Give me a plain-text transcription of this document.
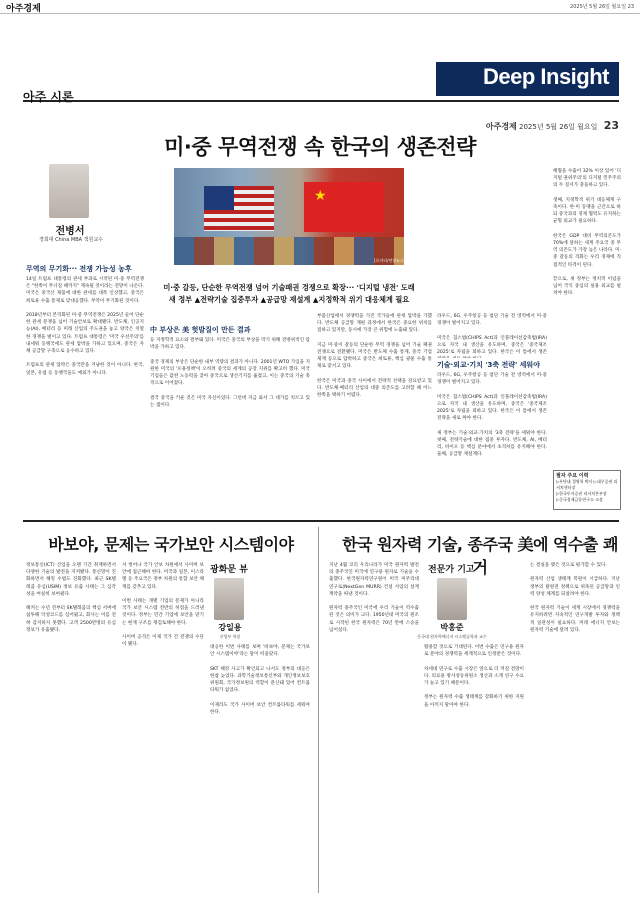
아주경제	2025년 5월 26일 월요일 23
Deep Insight
아주 시론
아주경제 2025년 5월 26일 월요일 23
미·중 무역전쟁 속 한국의 생존전략
전병서
경희대 China MBA 객원교수
★
[로이터/연합뉴스]
미·중 갈등, 단순한 무역전쟁 넘어 기술패권 경쟁으로 확장··· '디지털 냉전' 도래
새 정부 ▲전략기술 집중투자 ▲공급망 재설계 ▲지정학적 위기 대응체계 필요
무역의 무기화··· 전쟁 가능성 농후
14일 트럼프 대통령의 관세 부과로 시작된 미·중 무역전쟁은 "한쪽이 무너질 때까지" 계속될 것이라는 전망이 나온다. 미국은 중국산 제품에 대한 관세를 대폭 인상했고, 중국은 희토류 수출 통제로 맞대응했다. 무역이 무기화된 것이다.

2018년부터 본격화된 미·중 무역전쟁은 2025년 들어 단순한 관세 분쟁을 넘어 기술안보로 확대됐다. 반도체, 인공지능(AI), 배터리 등 미래 산업의 주도권을 놓고 양국은 치열한 경쟁을 벌이고 있다. 트럼프 대통령은 '미국 우선주의'를 내세워 동맹국에도 관세 압박을 가하고 있으며, 중국은 자체 공급망 구축으로 응수하고 있다.

트럼프의 관세 압박은 중국만을 겨냥한 것이 아니다. 한국, 일본, 유럽 등 동맹국들도 예외가 아니다.
中 부상은 美 헛발질이 만든 결과
등 지정학적 요소와 결부돼 있다. 미국은 중국의 부상을 막기 위해 전방위적인 압박을 가하고 있다.

중국 경제의 부상은 단순한 내부 역량의 결과가 아니다. 2001년 WTO 가입을 지원한 미국의 '포용정책'이 오히려 중국의 세계의 공장 지위를 확고히 했다. 미국 기업들은 값싼 노동력을 찾아 중국으로 생산기지를 옮겼고, 이는 중국의 기술 축적으로 이어졌다.

결국 중국을 키운 것은 미국 자신이었다. 그런데 지금 와서 그 대가를 치르고 있는 셈이다.
부품산업에서 경쟁력을 가진 국가들에 관세 압박을 가했다. 반도체 공급망 재편 과정에서 한국은 중요한 위치를 점하고 있지만, 동시에 가장 큰 위험에 노출돼 있다.

지금 미·중이 갈등의 단순한 무역 경쟁을 넘어 기술 패권 전쟁으로 전환됐다. 미국은 반도체 수출 통제, 중국 기업 제재 등으로 압박하고 중국은 희토류, 핵심 광물 수출 통제로 맞서고 있다.

한국은 미국과 중국 사이에서 전략적 선택을 강요받고 있다. 반도체·배터리 산업의 대중 의존도를 고려할 때 어느 한쪽을 택하기 어렵다.
기술·외교·기치 '3축 전략' 세워야
라우드, 6G, 우주항공 등 첨단 기술 전 영역에서 미·중 경쟁이 벌어지고 있다.

미국은 칩스법(CHIPS Act)과 인플레이션감축법(IRA)으로 자국 내 생산을 유도하며, 중국은 '중국제조 2025'로 자립을 꾀하고 있다. 한국은 이 틈에서 생존

라우드, 6G, 우주항공 등 첨단 기술 전 영역에서 미·중 경쟁이 벌어지고 있다.

미국은 칩스법(CHIPS Act)과 인플레이션감축법(IRA)으로 자국 내 생산을 유도하며, 중국은 '중국제조 2025'로 자립을 꾀하고 있다. 한국은 이 틈에서 생존 전략을 새로 짜야 한다.

새 정부는 기술·외교·가치의 '3축 전략'을 세워야 한다. 첫째, 전략기술에 대한 집중 투자다. 반도체, AI, 배터리, 바이오 등 핵심 분야에서 초격차를 유지해야 한다. 둘째, 공급망 재설계다.
해협을 수출이 32% 이상 있어 '디지털 권위주의'의 디지털 민주주의의 두 질서가 충돌하고 있다.

셋째, 지정학적 위기 대응체계 구축이다. 한·미 동맹을 근간으로 하되 중국과의 경제 협력도 유지하는 균형 외교가 필요하다.

한국은 GDP 대비 무역의존도가 70%에 달하는 세계 주요국 중 무역 의존도가 가장 높은 나라다. 미·중 갈등의 격화는 우리 경제에 직접적인 타격이 된다.

끝으로, 새 정부는 정치적 이념을 넘어 국익 중심의 실용 외교를 펼쳐야 한다.
필자 주요 이력
▷푸단대 경영학 박사 ▷대우증권 리서치센터장
▷한국투자증권 리서치본부장
▷중국경제금융연구소 소장
바보야, 문제는 국가보안 시스템이야
광화문 뷰
강일용
산업부 차장
정보통신(ICT) 산업을 오랜 기간 취재하면서 다양한 기술의 발전을 지켜봤다. 통신망이 진화하면서 해킹 수법도 진화했다. 최근 SK텔레콤 유심(USIM) 정보 유출 사태는 그 심각성을 여실히 보여줬다.

해커는 수년 전부터 SK텔레콤의 핵심 서버에 침투해 악성코드를 심어뒀고, 회사는 이를 전혀 감지하지 못했다. 고객 2500만명의 유심 정보가 유출됐다.
서 벗어나 국가 안보 차원에서 사이버 보안에 접근해야 한다. 미국과 일본, 이스라엘 등 주요국은 정부 차원의 통합 보안 체계를 갖추고 있다.

이번 사태는 개별 기업의 문제가 아니라 국가 보안 시스템 전반의 허점을 드러낸 것이다. 정부는 민간 기업에 보안을 맡기는 현재 구조를 재검토해야 한다.

사이버 공격은 이제 국가 간 전쟁의 수단이 됐다.
대응한 이번 사태를 보며 '바보야, 문제는 국가보안 시스템이야'라는 말이 떠올랐다.

SKT 해킹 사고가 확인되고 나서도 정부의 대응은 한참 늦었다. 과학기술정보통신부와 개인정보보호위원회, 국가정보원의 역할이 분산돼 있어 컨트롤타워가 없었다.

이제라도 국가 사이버 보안 컨트롤타워를 세워야 한다.
한국 원자력 기술, 종주국 美에 역수출 쾌거
전문가 기고
박홍준
동국대 원자력에너지 시스템공학과 교수
지난 4월 코리 우리나라가 미국 원자력 발전의 종주국인 미국에 연구용 원자로 기술을 수출했다. 한국원자력연구원이 미국 미주리대 연구로(NextGen MURR) 건설 사업의 설계 계약을 따낸 것이다.

원자력 종주국인 미국에 우리 기술이 역수출된 것은 의미가 크다. 1950년대 미국의 원조로 시작된 한국 원자력은 70년 만에 스승을 넘어섰다.
활용할 것으로 기대된다. 이번 수출은 연구용 원자로 분야의 경쟁력을 세계적으로 인정받은 것이다.

차세대 연구로 수출 시장은 앞으로 더 커질 전망이다. 의료용 방사성동위원소 생산과 소재 연구 수요가 늘고 있기 때문이다.

정부는 원자력 수출 생태계를 강화하기 위한 지원을 아끼지 말아야 한다.
는 결실을 맺은 것으로 평가할 수 있다.

원자력 산업 생태계 복원이 시급하다. 지난 정부의 탈원전 정책으로 위축된 공급망과 인력 양성 체계를 되살려야 한다.

한국 원자력 기술이 세계 시장에서 경쟁력을 유지하려면 지속적인 연구개발 투자와 정책적 일관성이 필요하다. 미래 에너지 안보는 원자력 기술에 달려 있다.
